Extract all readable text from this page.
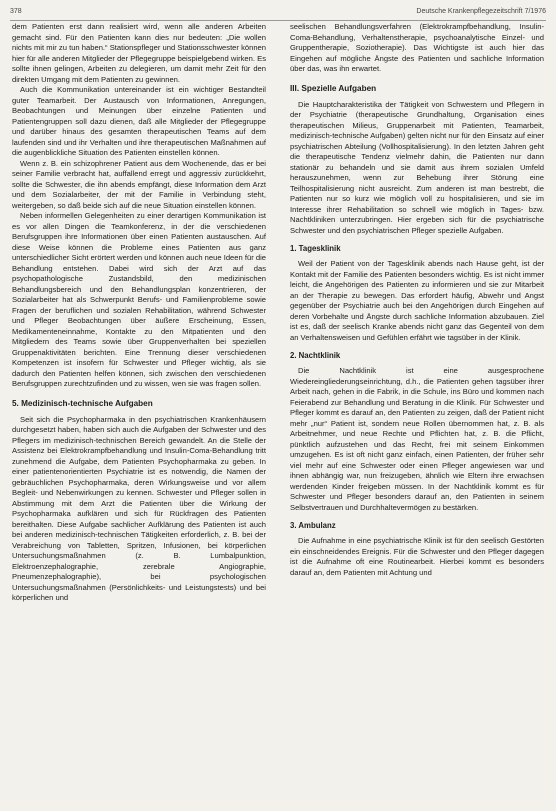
378	Deutsche Krankenpflegezeitschrift 7/1976

dem Patienten erst dann realisiert wird, wenn alle anderen Arbeiten gemacht sind. Für den Patienten kann dies nur bedeuten: „Die wollen nichts mit mir zu tun haben.“ Stationspfleger und Stationsschwester können hier für alle anderen Mitglieder der Pflegegruppe beispielgebend wirken. Es sollte ihnen gelingen, Arbeiten zu delegieren, um damit mehr Zeit für den direkten Umgang mit dem Patienten zu gewinnen.

Auch die Kommunikation untereinander ist ein wichtiger Bestandteil guter Teamarbeit. Der Austausch von Informationen, Anregungen, Beobachtungen und Meinungen über einzelne Patienten und Patientengruppen soll dazu dienen, daß alle Mitglieder der Pflegegruppe und darüber hinaus des gesamten therapeutischen Teams auf dem laufenden sind und ihr Verhalten und ihre therapeutischen Maßnahmen auf die augenblickliche Situation des Patienten einstellen können.

Wenn z. B. ein schizophrener Patient aus dem Wochenende, das er bei seiner Familie verbracht hat, auffallend erregt und aggressiv zurückkehrt, sollte die Schwester, die ihn abends empfängt, diese Information dem Arzt und dem Sozialarbeiter, der mit der Familie in Verbindung steht, weitergeben, so daß beide sich auf die neue Situation einstellen können.

Neben informellen Gelegenheiten zu einer derartigen Kommunikation ist es vor allen Dingen die Teamkonferenz, in der die verschiedenen Berufsgruppen ihre Informationen über einen Patienten austauschen. Auf diese Weise können die Probleme eines Patienten aus ganz unterschiedlicher Sicht erörtert werden und können auch neue Ideen für die Behandlung entstehen. Dabei wird sich der Arzt auf das psychopathologische Zustandsbild, den medizinischen Behandlungsbereich und den Behandlungsplan konzentrieren, der Sozialarbeiter hat als Schwerpunkt Berufs- und Familienprobleme sowie Fragen der beruflichen und sozialen Rehabilitation, während Schwester und Pfleger Beobachtungen über äußere Erscheinung, Essen, Medikamenteneinnahme, Kontakte zu den Mitpatienten und den Mitgliedern des Teams sowie über Gruppenverhalten bei speziellen Gruppenaktivitäten berichten. Eine Trennung dieser verschiedenen Kompetenzen ist insofern für Schwester und Pfleger wichtig, als sie dadurch den Patienten helfen können, sich zwischen den verschiedenen Berufsgruppen zurechtzufinden und zu wissen, wen sie was fragen sollen.

5. Medizinisch-technische Aufgaben

Seit sich die Psychopharmaka in den psychiatrischen Krankenhäusern durchgesetzt haben, haben sich auch die Aufgaben der Schwester und des Pflegers im medizinisch-technischen Bereich gewandelt. An die Stelle der Assistenz bei Elektrokrampfbehandlung und Insulin-Coma-Behandlung tritt zunehmend die Aufgabe, dem Patienten Psychopharmaka zu geben. In einer patientenorientierten Psychiatrie ist es notwendig, die Namen der gebräuchlichen Psychopharmaka, deren Wirkungsweise und vor allem Begleit- und Nebenwirkungen zu kennen. Schwester und Pfleger sollen in Abstimmung mit dem Arzt die Patienten über die Wirkung der Psychopharmaka aufklären und sich für Rückfragen des Patienten bereithalten. Diese Aufgabe sachlicher Aufklärung des Patienten ist auch bei anderen medizinisch-technischen Tätigkeiten erforderlich, z. B. bei der Verabreichung von Tabletten, Spritzen, Infusionen, bei körperlichen Untersuchungsmaßnahmen (z. B. Lumbalpunktion, Elektroenzephalographie, zerebrale Angiographie, Pneumenzephalographie), bei psychologischen Untersuchungsmaßnahmen (Persönlichkeits- und Leistungstests) und bei körperlichen und

seelischen Behandlungsverfahren (Elektrokrampfbehandlung, Insulin-Coma-Behandlung, Verhaltenstherapie, psychoanalytische Einzel- und Gruppentherapie, Soziotherapie). Das Wichtigste ist auch hier das Eingehen auf mögliche Ängste des Patienten und sachliche Information über das, was ihn erwartet.

III. Spezielle Aufgaben

Die Hauptcharakteristika der Tätigkeit von Schwestern und Pflegern in der Psychiatrie (therapeutische Grundhaltung, Organisation eines therapeutischen Milieus, Gruppenarbeit mit Patienten, Teamarbeit, medizinisch-technische Aufgaben) gelten nicht nur für den Einsatz auf einer psychiatrischen Abteilung (Vollhospitalisierung). In den letzten Jahren geht die therapeutische Tendenz vielmehr dahin, die Patienten nur dann stationär zu behandeln und sie damit aus ihrem sozialen Umfeld herauszunehmen, wenn zur Behebung ihrer Störung eine Teilhospitalisierung nicht ausreicht. Zum anderen ist man bestrebt, die Patienten nur so kurz wie möglich voll zu hospitalisieren, und sie im Interesse ihrer Rehabilitation so schnell wie möglich in Tages- bzw. Nachtkliniken unterzubringen. Hier ergeben sich für die psychiatrische Schwester und den psychiatrischen Pfleger spezielle Aufgaben.

1. Tagesklinik

Weil der Patient von der Tagesklinik abends nach Hause geht, ist der Kontakt mit der Familie des Patienten besonders wichtig. Es ist nicht immer leicht, die Angehörigen des Patienten zu informieren und sie zur Mitarbeit an der Therapie zu bewegen. Das erfordert häufig, Abwehr und Angst gegenüber der Psychiatrie auch bei den Angehörigen durch Eingehen auf deren Vorbehalte und Ängste durch sachliche Information abzubauen. Ziel ist es, daß der seelisch Kranke abends nicht ganz das Gegenteil von dem an Verhaltensweisen und Gefühlen erfährt wie tagsüber in der Klinik.

2. Nachtklinik

Die Nachtklinik ist eine ausgesprochene Wiedereingliederungseinrichtung, d.h., die Patienten gehen tagsüber ihrer Arbeit nach, gehen in die Fabrik, in die Schule, ins Büro und kommen nach Feierabend zur Behandlung und Beratung in die Klinik. Für Schwester und Pfleger kommt es darauf an, den Patienten zu zeigen, daß der Patient nicht mehr „nur“ Patient ist, sondern neue Rollen übernommen hat, z. B. als Arbeitnehmer, und neue Rechte und Pflichten hat, z. B. die Pflicht, pünktlich aufzustehen und das Recht, frei mit seinem Einkommen umzugehen. Es ist oft nicht ganz einfach, einen Patienten, der früher sehr viel mehr auf eine Schwester oder einen Pfleger angewiesen war und ihnen abhängig war, nun freizugeben, ähnlich wie Eltern ihre erwachsen werdenden Kinder freigeben müssen. In der Nachtklinik kommt es für Schwester und Pfleger besonders darauf an, den Patienten in seinem Selbstvertrauen und Durchhaltevermögen zu bestärken.

3. Ambulanz

Die Aufnahme in eine psychiatrische Klinik ist für den seelisch Gestörten ein einschneidendes Ereignis. Für die Schwester und den Pfleger dagegen ist die Aufnahme oft eine Routinearbeit. Hierbei kommt es besonders darauf an, dem Patienten mit Achtung und
